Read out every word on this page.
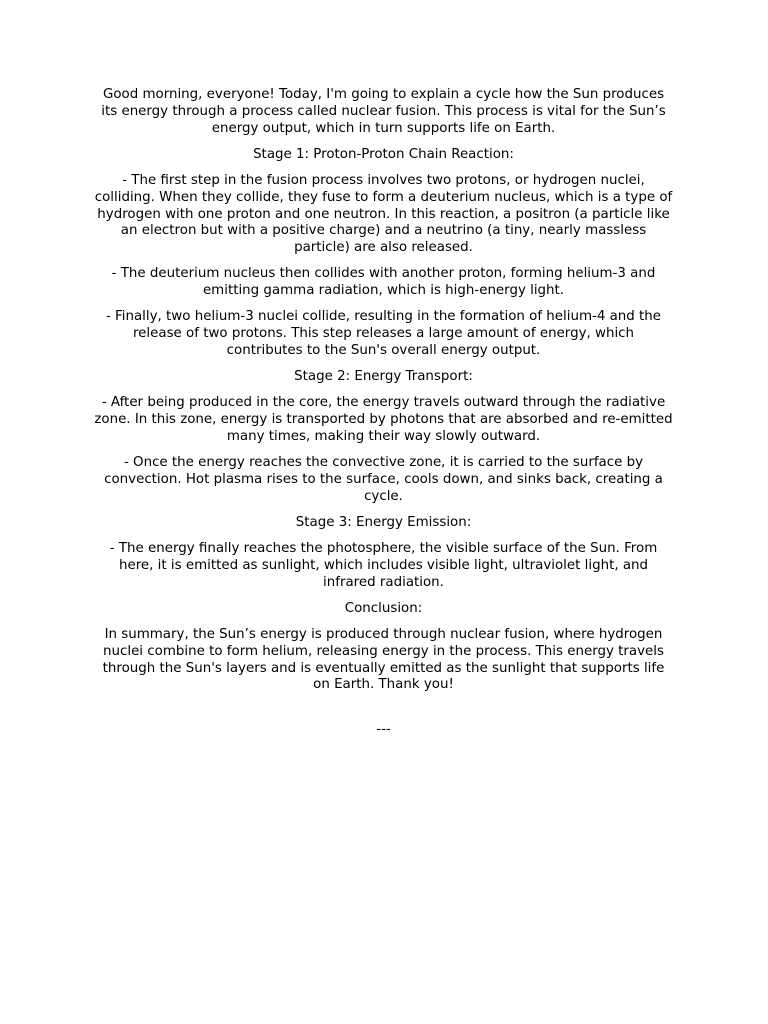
Good morning, everyone! Today, I'm going to explain a cycle how the Sun produces its energy through a process called nuclear fusion. This process is vital for the Sun’s energy output, which in turn supports life on Earth.

Stage 1: Proton-Proton Chain Reaction:

- The first step in the fusion process involves two protons, or hydrogen nuclei, colliding. When they collide, they fuse to form a deuterium nucleus, which is a type of hydrogen with one proton and one neutron. In this reaction, a positron (a particle like an electron but with a positive charge) and a neutrino (a tiny, nearly massless particle) are also released.

- The deuterium nucleus then collides with another proton, forming helium-3 and emitting gamma radiation, which is high-energy light.

- Finally, two helium-3 nuclei collide, resulting in the formation of helium-4 and the release of two protons. This step releases a large amount of energy, which contributes to the Sun's overall energy output.

Stage 2: Energy Transport:

- After being produced in the core, the energy travels outward through the radiative zone. In this zone, energy is transported by photons that are absorbed and re-emitted many times, making their way slowly outward.

- Once the energy reaches the convective zone, it is carried to the surface by convection. Hot plasma rises to the surface, cools down, and sinks back, creating a cycle.

Stage 3: Energy Emission:

- The energy finally reaches the photosphere, the visible surface of the Sun. From here, it is emitted as sunlight, which includes visible light, ultraviolet light, and infrared radiation.

Conclusion:

In summary, the Sun’s energy is produced through nuclear fusion, where hydrogen nuclei combine to form helium, releasing energy in the process. This energy travels through the Sun's layers and is eventually emitted as the sunlight that supports life on Earth. Thank you!

---
